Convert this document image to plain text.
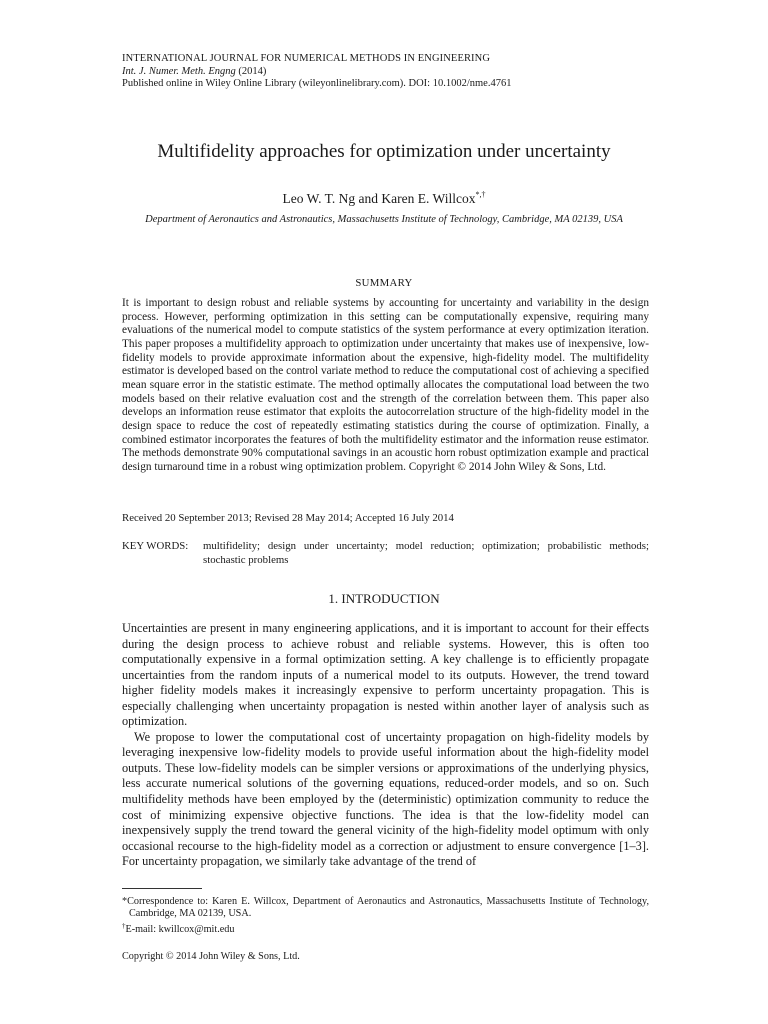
INTERNATIONAL JOURNAL FOR NUMERICAL METHODS IN ENGINEERING
Int. J. Numer. Meth. Engng (2014)
Published online in Wiley Online Library (wileyonlinelibrary.com). DOI: 10.1002/nme.4761
Multifidelity approaches for optimization under uncertainty
Leo W. T. Ng and Karen E. Willcox*,†
Department of Aeronautics and Astronautics, Massachusetts Institute of Technology, Cambridge, MA 02139, USA
SUMMARY
It is important to design robust and reliable systems by accounting for uncertainty and variability in the design process. However, performing optimization in this setting can be computationally expensive, requiring many evaluations of the numerical model to compute statistics of the system performance at every optimization iteration. This paper proposes a multifidelity approach to optimization under uncertainty that makes use of inexpensive, low-fidelity models to provide approximate information about the expensive, high-fidelity model. The multifidelity estimator is developed based on the control variate method to reduce the computational cost of achieving a specified mean square error in the statistic estimate. The method optimally allocates the computational load between the two models based on their relative evaluation cost and the strength of the correlation between them. This paper also develops an information reuse estimator that exploits the autocorrelation structure of the high-fidelity model in the design space to reduce the cost of repeatedly estimating statistics during the course of optimization. Finally, a combined estimator incorporates the features of both the multifidelity estimator and the information reuse estimator. The methods demonstrate 90% computational savings in an acoustic horn robust optimization example and practical design turnaround time in a robust wing optimization problem. Copyright © 2014 John Wiley & Sons, Ltd.
Received 20 September 2013; Revised 28 May 2014; Accepted 16 July 2014
KEY WORDS: multifidelity; design under uncertainty; model reduction; optimization; probabilistic methods; stochastic problems
1. INTRODUCTION

Uncertainties are present in many engineering applications, and it is important to account for their effects during the design process to achieve robust and reliable systems. However, this is often too computationally expensive in a formal optimization setting. A key challenge is to efficiently propagate uncertainties from the random inputs of a numerical model to its outputs. However, the trend toward higher fidelity models makes it increasingly expensive to perform uncertainty propagation. This is especially challenging when uncertainty propagation is nested within another layer of analysis such as optimization.

We propose to lower the computational cost of uncertainty propagation on high-fidelity models by leveraging inexpensive low-fidelity models to provide useful information about the high-fidelity model outputs. These low-fidelity models can be simpler versions or approximations of the underlying physics, less accurate numerical solutions of the governing equations, reduced-order models, and so on. Such multifidelity methods have been employed by the (deterministic) optimization community to reduce the cost of minimizing expensive objective functions. The idea is that the low-fidelity model can inexpensively supply the trend toward the general vicinity of the high-fidelity model optimum with only occasional recourse to the high-fidelity model as a correction or adjustment to ensure convergence [1–3]. For uncertainty propagation, we similarly take advantage of the trend of

*Correspondence to: Karen E. Willcox, Department of Aeronautics and Astronautics, Massachusetts Institute of Technology, Cambridge, MA 02139, USA.
†E-mail: kwillcox@mit.edu
Copyright © 2014 John Wiley & Sons, Ltd.
